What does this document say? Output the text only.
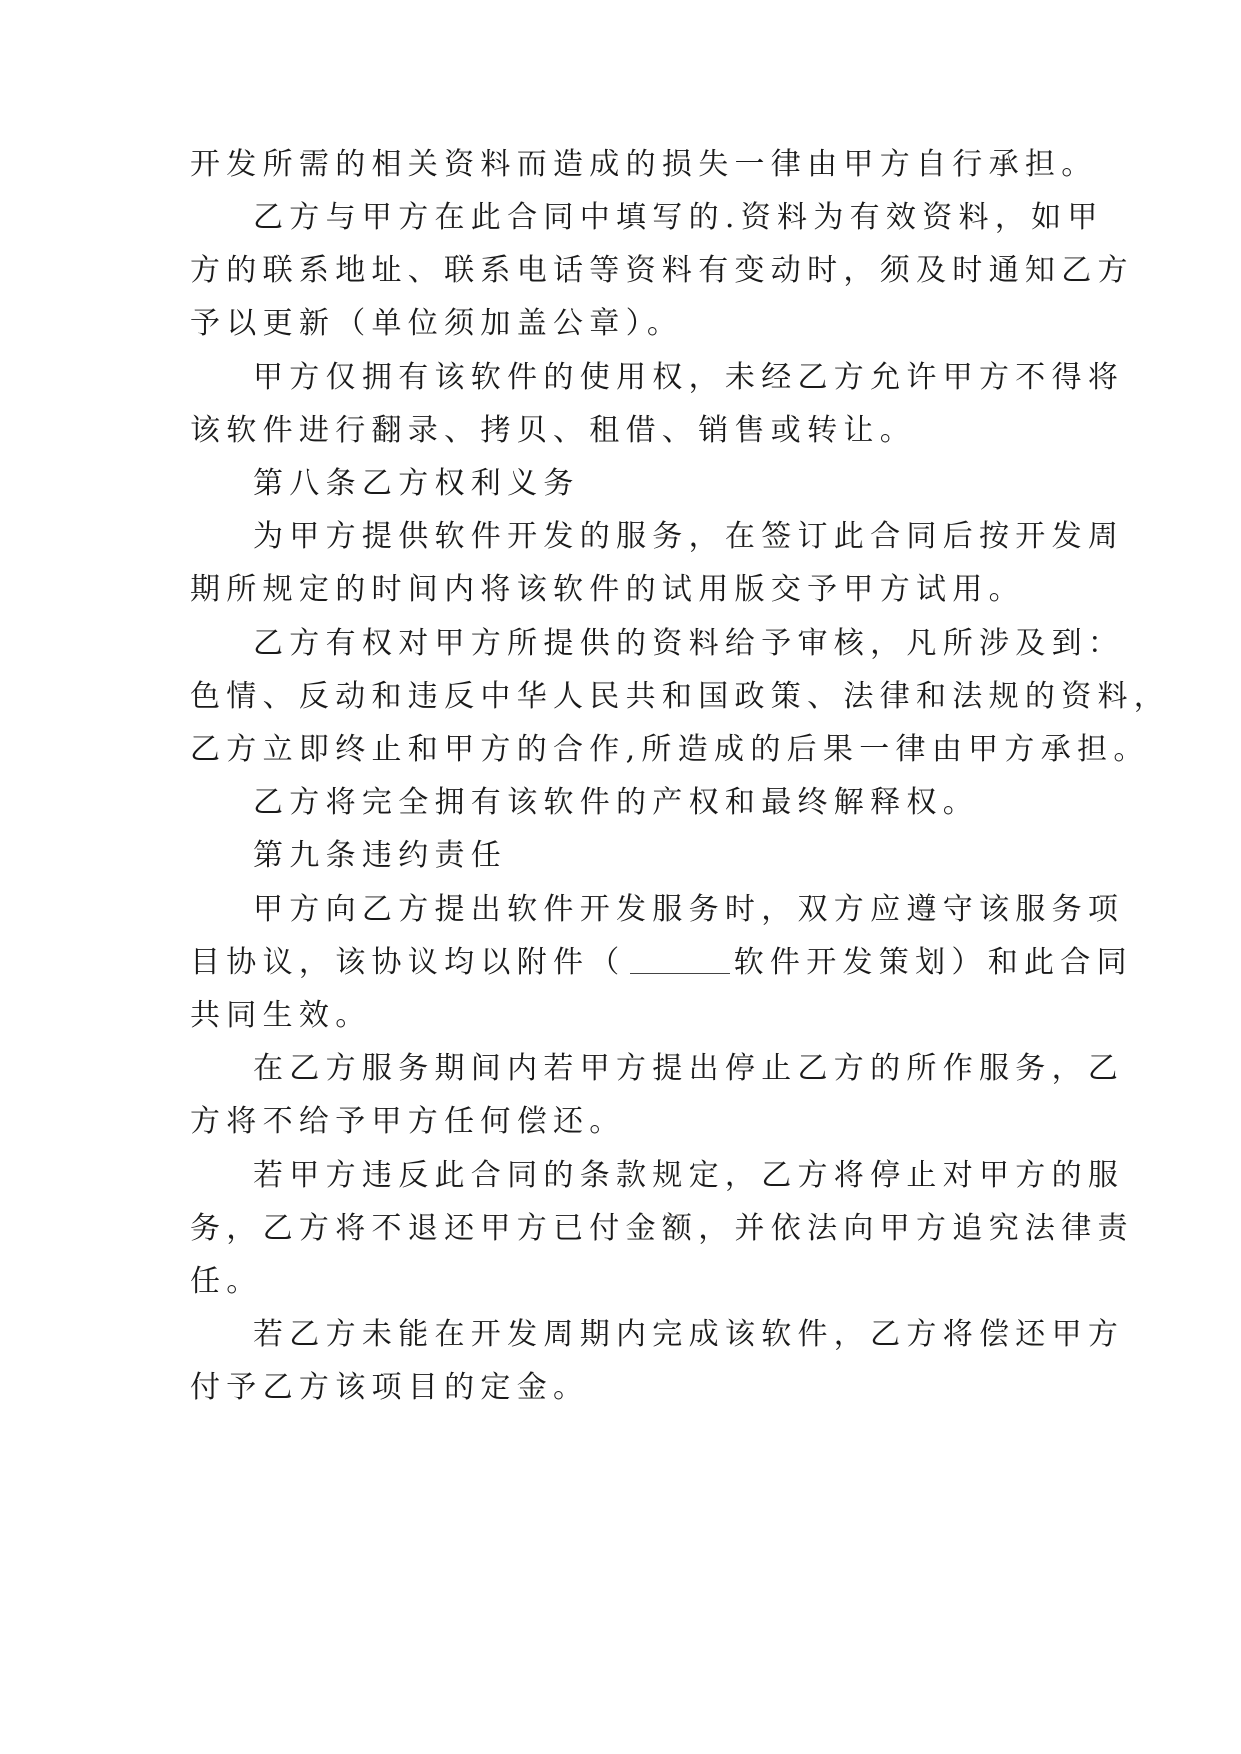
开发所需的相关资料而造成的损失一律由甲方自行承担。
乙方与甲方在此合同中填写的.资料为有效资料，如甲
方的联系地址、联系电话等资料有变动时，须及时通知乙方
予以更新（单位须加盖公章）。
甲方仅拥有该软件的使用权，未经乙方允许甲方不得将
该软件进行翻录、拷贝、租借、销售或转让。
第八条乙方权利义务
为甲方提供软件开发的服务，在签订此合同后按开发周
期所规定的时间内将该软件的试用版交予甲方试用。
乙方有权对甲方所提供的资料给予审核，凡所涉及到：
色情、反动和违反中华人民共和国政策、法律和法规的资料，
乙方立即终止和甲方的合作,所造成的后果一律由甲方承担。
乙方将完全拥有该软件的产权和最终解释权。
第九条违约责任
甲方向乙方提出软件开发服务时，双方应遵守该服务项
目协议，该协议均以附件（	软件开发策划）和此合同
共同生效。
在乙方服务期间内若甲方提出停止乙方的所作服务，乙
方将不给予甲方任何偿还。
若甲方违反此合同的条款规定，乙方将停止对甲方的服
务，乙方将不退还甲方已付金额，并依法向甲方追究法律责
任。
若乙方未能在开发周期内完成该软件，乙方将偿还甲方
付予乙方该项目的定金。
